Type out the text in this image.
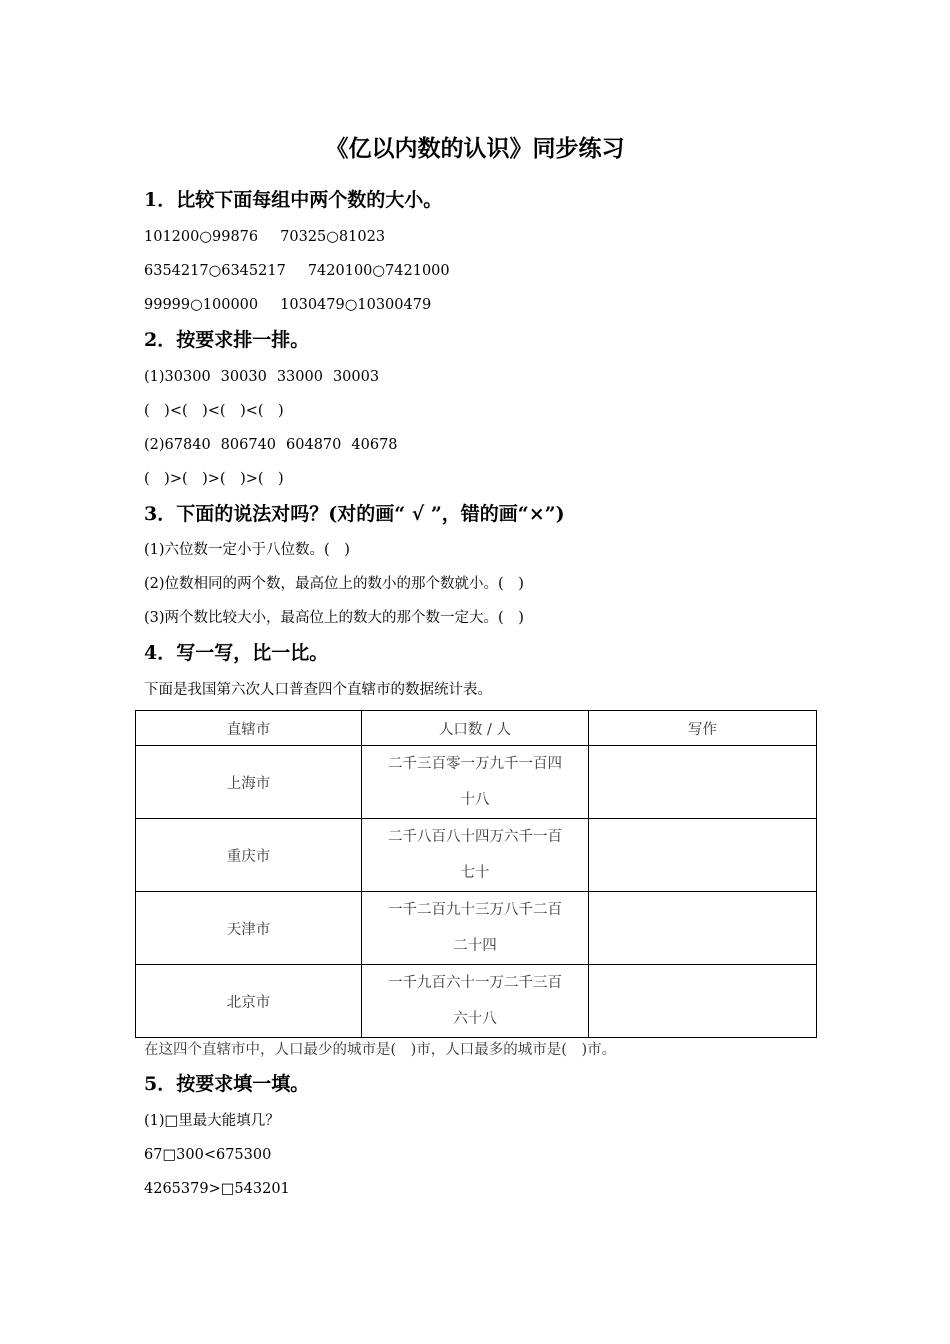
《亿以内数的认识》同步练习
1．比较下面每组中两个数的大小。
101200○99876 70325○81023
6354217○6345217 7420100○7421000
99999○100000 1030479○10300479
2．按要求排一排。
(1)30300 30030 33000 30003
(　)<(　)<(　)<(　)
(2)67840 806740 604870 40678
(　)>(　)>(　)>(　)
3．下面的说法对吗？(对的画“ √ ”，错的画“×”)
(1)六位数一定小于八位数。(　)
(2)位数相同的两个数，最高位上的数小的那个数就小。(　)
(3)两个数比较大小，最高位上的数大的那个数一定大。(　)
4．写一写，比一比。
下面是我国第六次人口普查四个直辖市的数据统计表。
直辖市	人口数 / 人	写作
上海市	二千三百零一万九千一百四
十八	

重庆市	二千八百八十四万六千一百
七十	

天津市	一千二百九十三万八千二百
二十四	

北京市	一千九百六十一万二千三百
六十八	

在这四个直辖市中，人口最少的城市是(　)市，人口最多的城市是(　)市。
5．按要求填一填。
(1)□里最大能填几？
67□300<675300
4265379>□543201
